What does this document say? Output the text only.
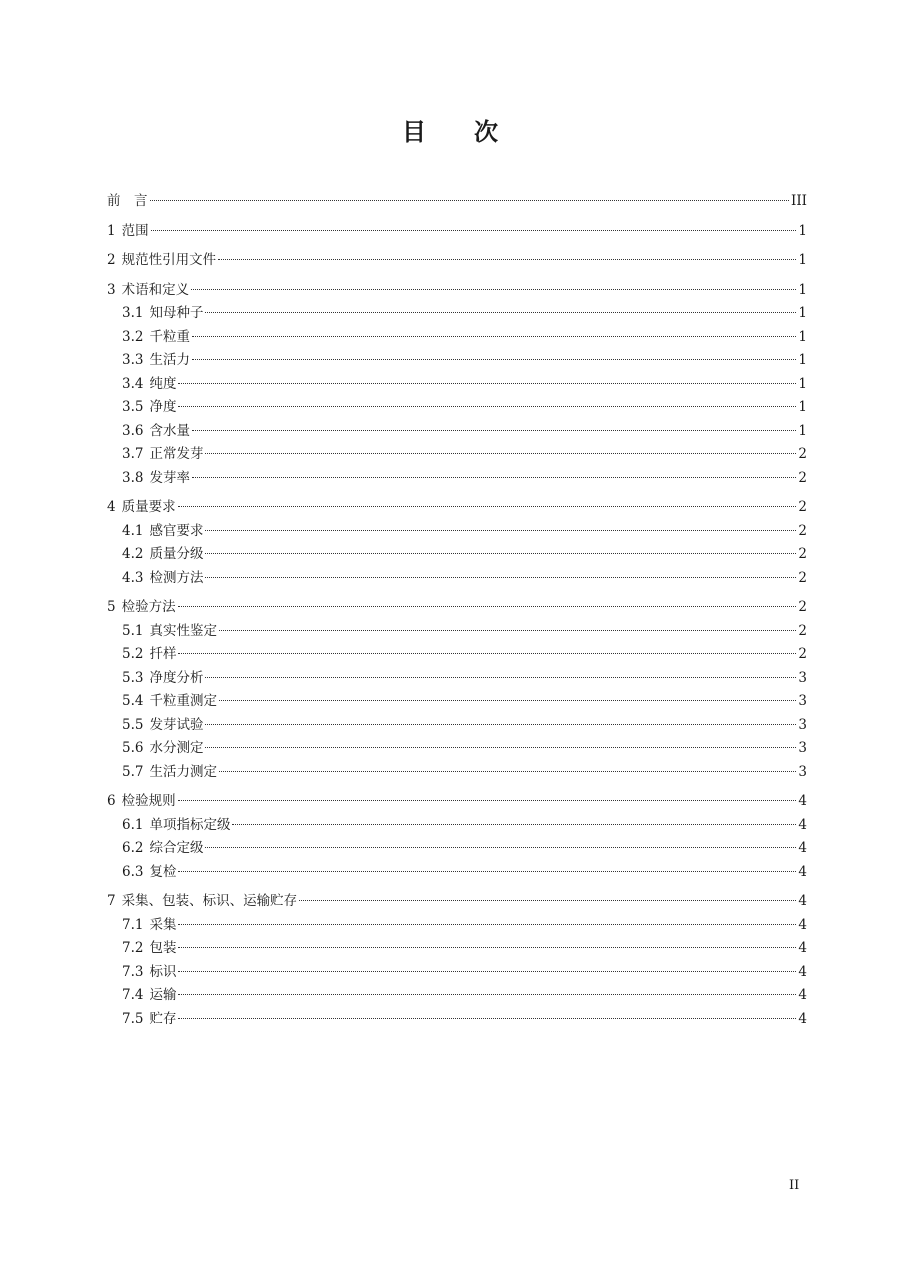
目 次
前　言	III
1 范围	1
2 规范性引用文件	1
3 术语和定义	1
3.1 知母种子	1
3.2 千粒重	1
3.3 生活力	1
3.4 纯度	1
3.5 净度	1
3.6 含水量	1
3.7 正常发芽	2
3.8 发芽率	2
4 质量要求	2
4.1 感官要求	2
4.2 质量分级	2
4.3 检测方法	2
5 检验方法	2
5.1 真实性鉴定	2
5.2 扦样	2
5.3 净度分析	3
5.4 千粒重测定	3
5.5 发芽试验	3
5.6 水分测定	3
5.7 生活力测定	3
6 检验规则	4
6.1 单项指标定级	4
6.2 综合定级	4
6.3 复检	4
7 采集、包装、标识、运输贮存	4
7.1 采集	4
7.2 包装	4
7.3 标识	4
7.4 运输	4
7.5 贮存	4
II
